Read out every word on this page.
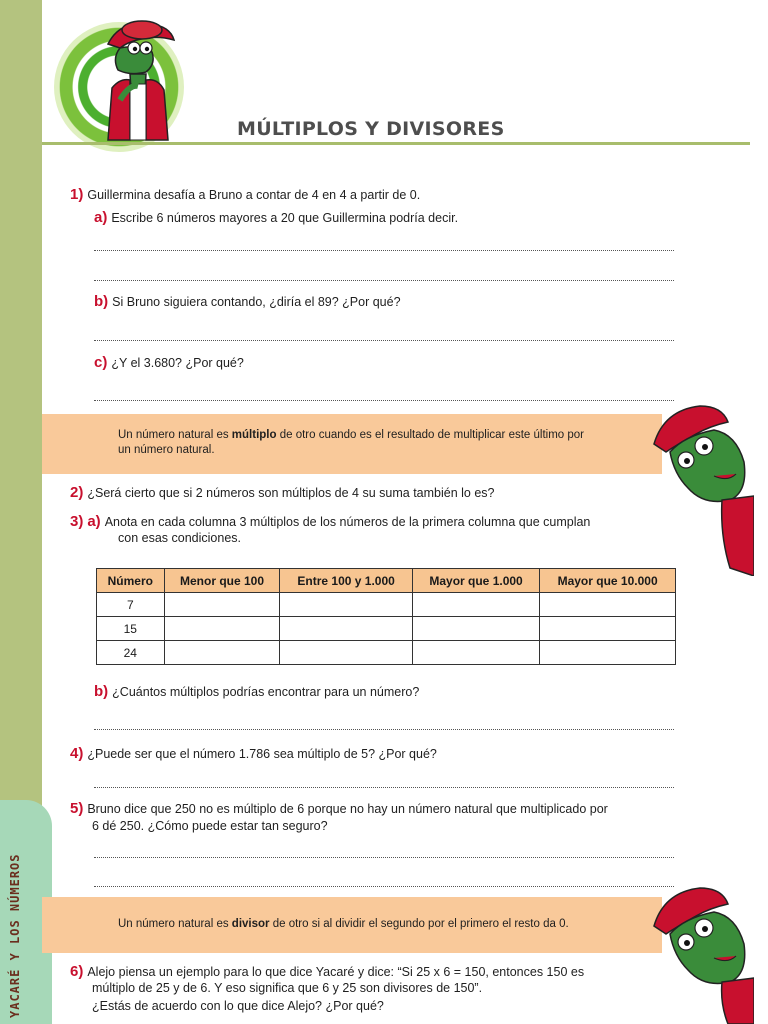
YACARÉ Y LOS NÚMEROS
MÚLTIPLOS Y DIVISORES
1) Guillermina desafía a Bruno a contar de 4 en 4 a partir de 0.
a) Escribe 6 números mayores a 20 que Guillermina podría decir.
b) Si Bruno siguiera contando, ¿diría el 89? ¿Por qué?
c) ¿Y el 3.680? ¿Por qué?
Un número natural es múltiplo de otro cuando es el resultado de multiplicar este último por
un número natural.
2) ¿Será cierto que si 2 números son múltiplos de 4 su suma también lo es?
3) a) Anota en cada columna 3 múltiplos de los números de la primera columna que cumplan
con esas condiciones.
Número	Menor que 100	Entre 100 y 1.000	Mayor que 1.000	Mayor que 10.000
7				
15				
24				
b) ¿Cuántos múltiplos podrías encontrar para un número?
4) ¿Puede ser que el número 1.786 sea múltiplo de 5? ¿Por qué?
5) Bruno dice que 250 no es múltiplo de 6 porque no hay un número natural que multiplicado por
6 dé 250. ¿Cómo puede estar tan seguro?
Un número natural es divisor de otro si al dividir el segundo por el primero el resto da 0.
6) Alejo piensa un ejemplo para lo que dice Yacaré y dice: “Si 25 x 6 = 150, entonces 150 es
múltiplo de 25 y de 6. Y eso significa que 6 y 25 son divisores de 150”.
¿Estás de acuerdo con lo que dice Alejo? ¿Por qué?
